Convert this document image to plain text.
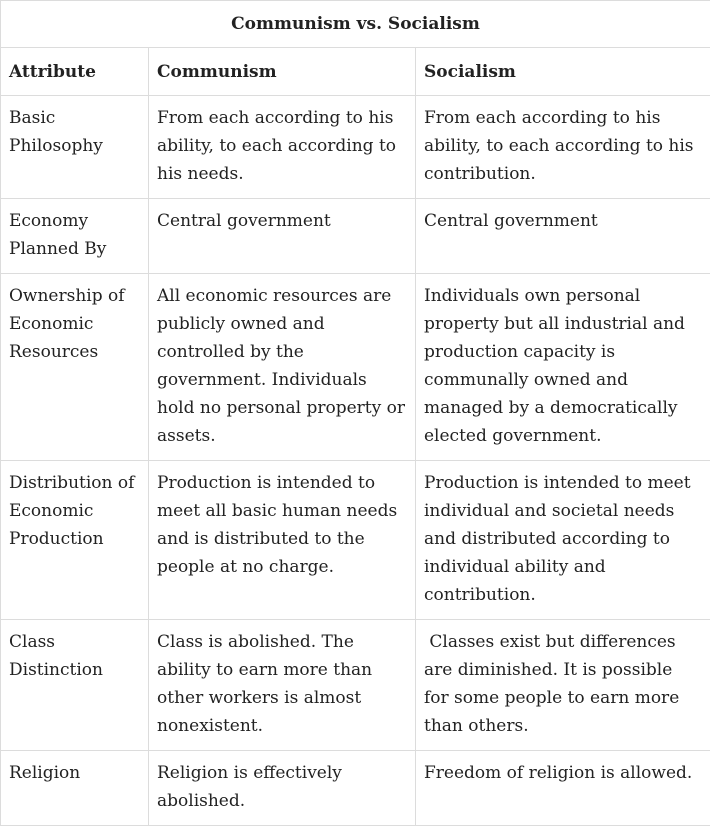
Communism vs. Socialism		
Attribute	Communism	Socialism
Basic Philosophy	From each according to his ability, to each according to his needs.	From each according to his ability, to each according to his contribution.
Economy Planned By	Central government	Central government
Ownership of Economic Resources	All economic resources are publicly owned and controlled by the government. Individuals hold no personal property or assets.	Individuals own personal property but all industrial and production capacity is communally owned and managed by a democratically elected government.
Distribution of Economic Production	Production is intended to meet all basic human needs and is distributed to the people at no charge.	Production is intended to meet individual and societal needs and distributed according to individual ability and contribution.
Class Distinction	Class is abolished. The ability to earn more than other workers is almost nonexistent.	Classes exist but differences are diminished. It is possible for some people to earn more than others.
Religion	Religion is effectively abolished.	Freedom of religion is allowed.
